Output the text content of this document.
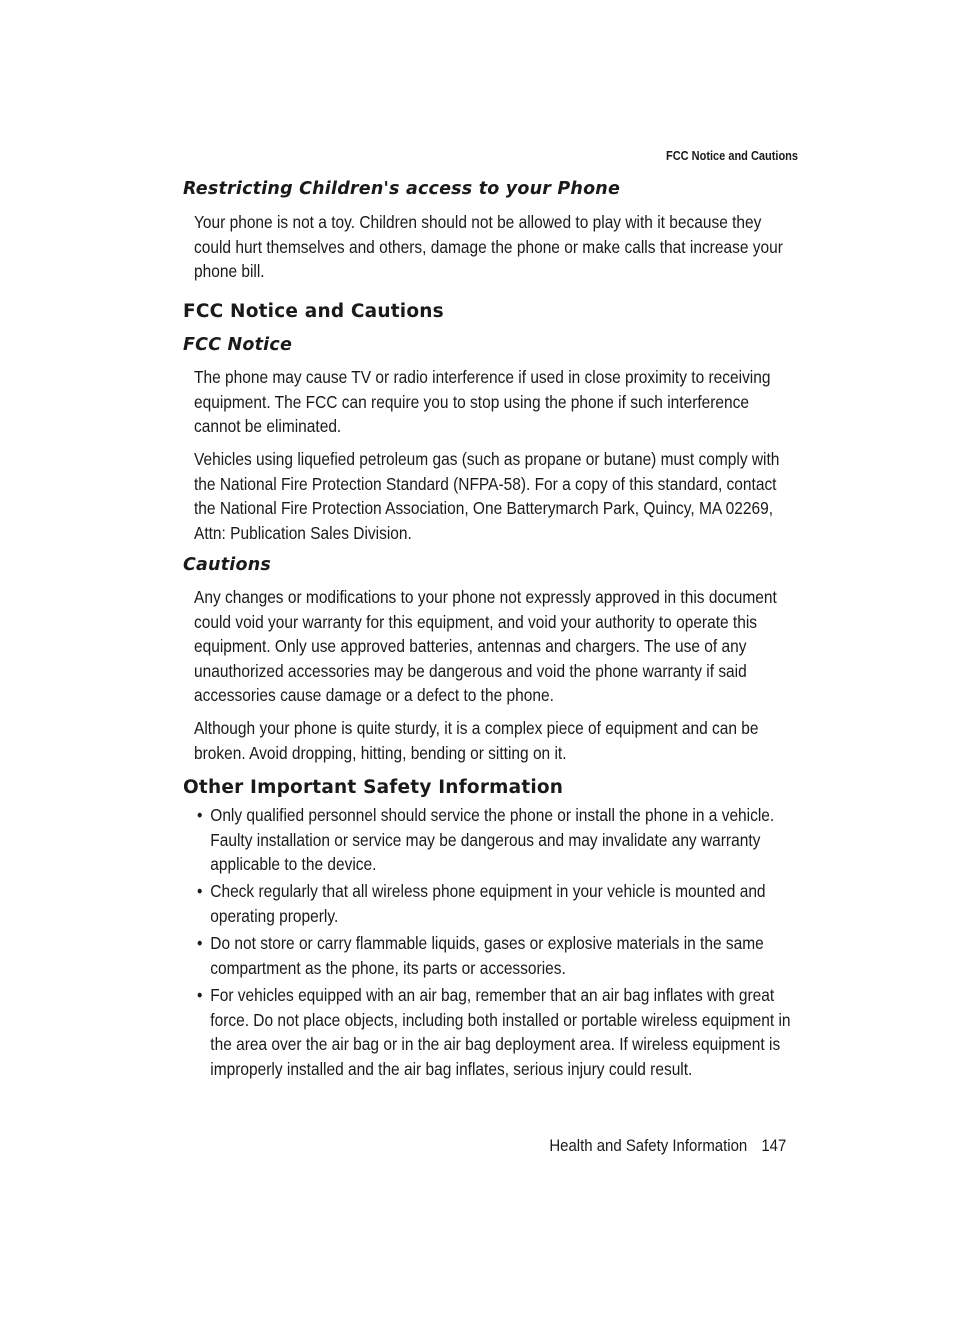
FCC Notice and Cautions
Restricting Children's access to your Phone

Your phone is not a toy. Children should not be allowed to play with it because they could hurt themselves and others, damage the phone or make calls that increase your phone bill.

FCC Notice and Cautions
FCC Notice

The phone may cause TV or radio interference if used in close proximity to receiving equipment. The FCC can require you to stop using the phone if such interference cannot be eliminated.

Vehicles using liquefied petroleum gas (such as propane or butane) must comply with the National Fire Protection Standard (NFPA-58). For a copy of this standard, contact the National Fire Protection Association, One Batterymarch Park, Quincy, MA 02269, Attn: Publication Sales Division.

Cautions

Any changes or modifications to your phone not expressly approved in this document could void your warranty for this equipment, and void your authority to operate this equipment. Only use approved batteries, antennas and chargers. The use of any unauthorized accessories may be dangerous and void the phone warranty if said accessories cause damage or a defect to the phone.

Although your phone is quite sturdy, it is a complex piece of equipment and can be broken. Avoid dropping, hitting, bending or sitting on it.

Other Important Safety Information
• Only qualified personnel should service the phone or install the phone in a vehicle. Faulty installation or service may be dangerous and may invalidate any warranty applicable to the device.
• Check regularly that all wireless phone equipment in your vehicle is mounted and operating properly.
• Do not store or carry flammable liquids, gases or explosive materials in the same compartment as the phone, its parts or accessories.
• For vehicles equipped with an air bag, remember that an air bag inflates with great force. Do not place objects, including both installed or portable wireless equipment in the area over the air bag or in the air bag deployment area. If wireless equipment is improperly installed and the air bag inflates, serious injury could result.
Health and Safety Information 147
